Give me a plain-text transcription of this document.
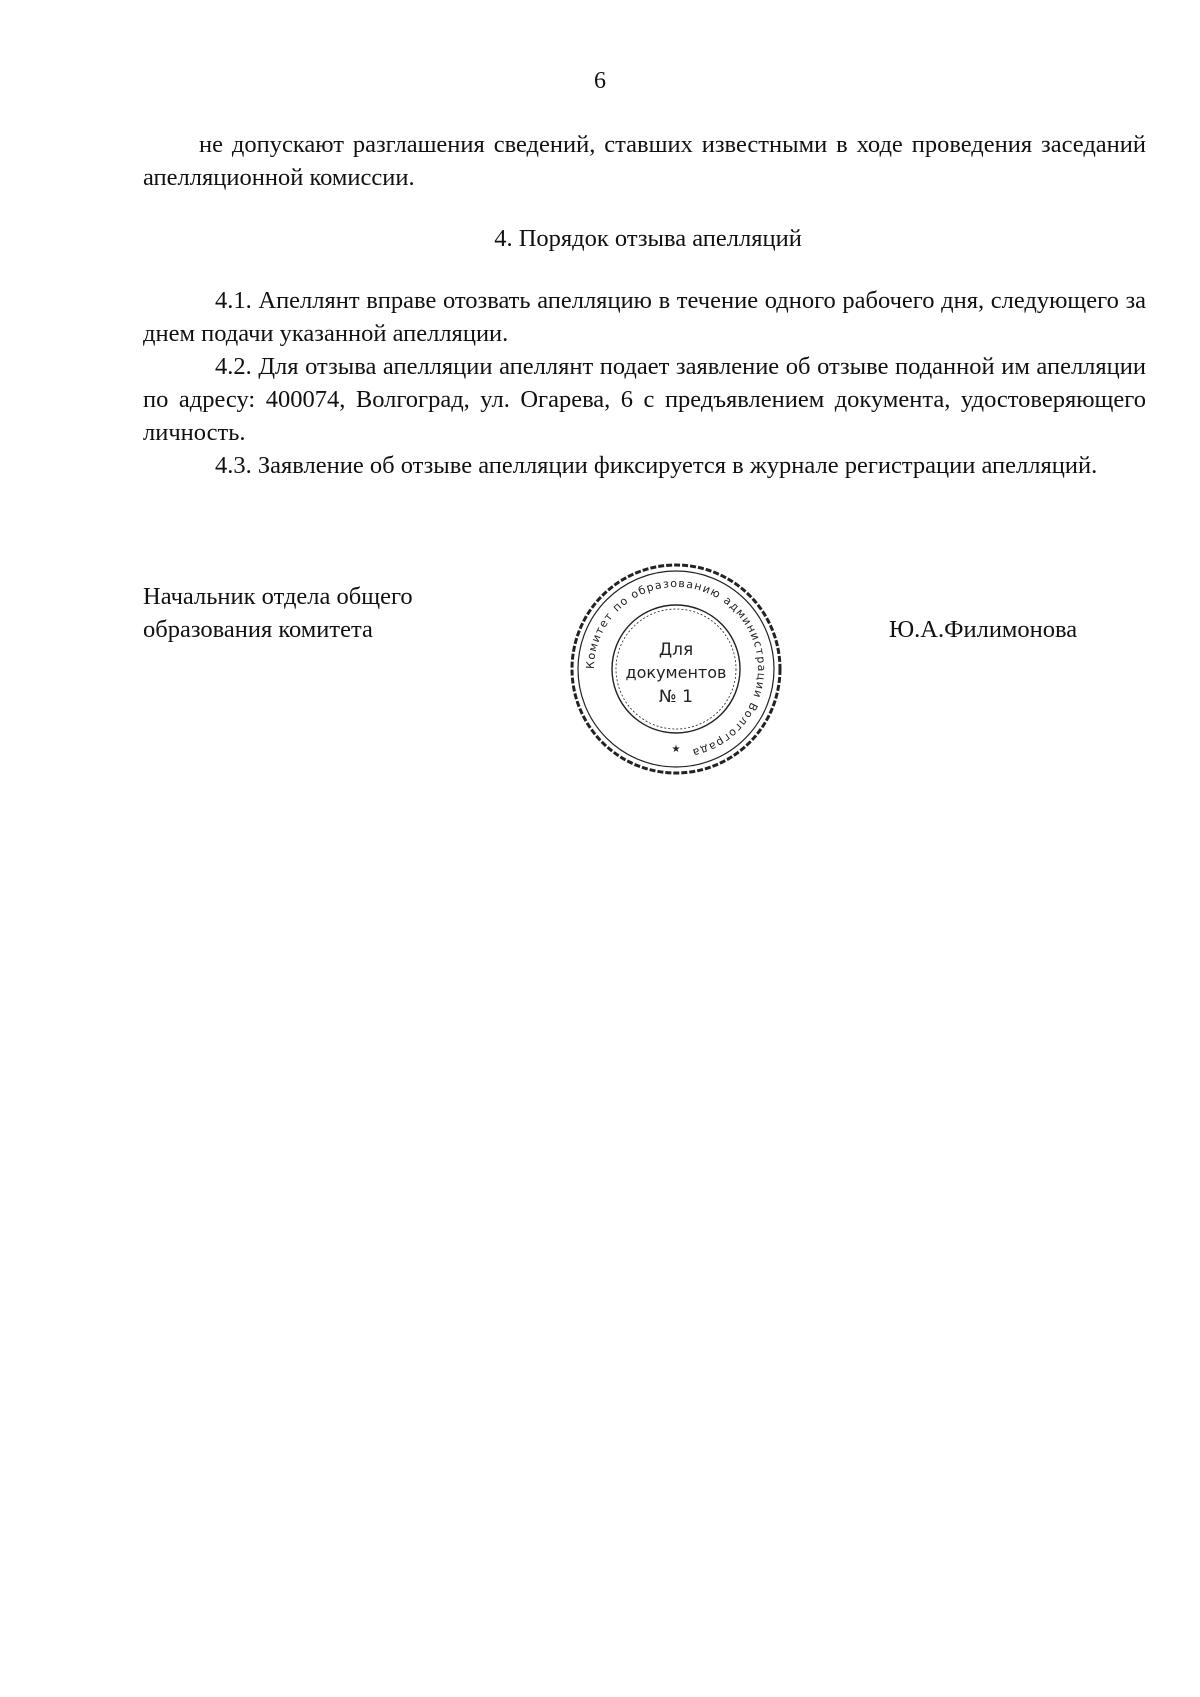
6

не допускают разглашения сведений, ставших известными в ходе проведения заседаний апелляционной комиссии.

4. Порядок отзыва апелляций

4.1. Апеллянт вправе отозвать апелляцию в течение одного рабочего дня, следующего за днем подачи указанной апелляции.

4.2. Для отзыва апелляции апеллянт подает заявление об отзыве поданной им апелляции по адресу: 400074, Волгоград, ул. Огарева, 6 с предъявлением документа, удостоверяющего личность.

4.3. Заявление об отзыве апелляции фиксируется в журнале регистрации апелляций.

Начальник отдела общего
образования комитета	Ю.А.Филимонова
Комитет по образованию администрации Волгограда
Для
документов
№ 1
★
